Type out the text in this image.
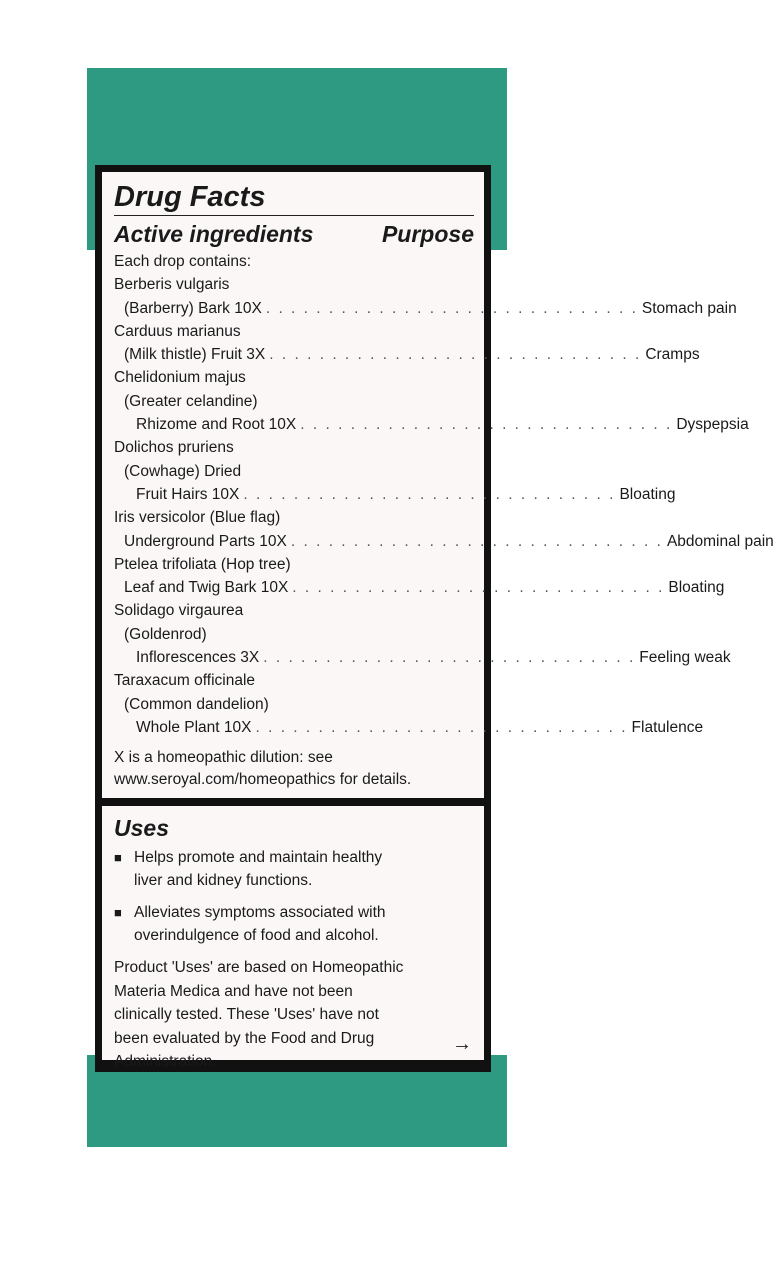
Drug Facts
Active ingredients	Purpose
Each drop contains:
Berberis vulgaris
(Barberry) Bark 10X . . . . . . . . . . . . . . . . . . . . . . . . . . . . . . Stomach pain
Carduus marianus
(Milk thistle) Fruit 3X . . . . . . . . . . . . . . . . . . . . . . . . . . . . . . Cramps
Chelidonium majus
(Greater celandine)
Rhizome and Root 10X . . . . . . . . . . . . . . . . . . . . . . . . . . . . . . Dyspepsia
Dolichos pruriens
(Cowhage) Dried
Fruit Hairs 10X . . . . . . . . . . . . . . . . . . . . . . . . . . . . . . Bloating
Iris versicolor (Blue flag)
Underground Parts 10X . . . . . . . . . . . . . . . . . . . . . . . . . . . . . . Abdominal pain
Ptelea trifoliata (Hop tree)
Leaf and Twig Bark 10X . . . . . . . . . . . . . . . . . . . . . . . . . . . . . . Bloating
Solidago virgaurea
(Goldenrod)
Inflorescences 3X . . . . . . . . . . . . . . . . . . . . . . . . . . . . . . Feeling weak
Taraxacum officinale
(Common dandelion)
Whole Plant 10X . . . . . . . . . . . . . . . . . . . . . . . . . . . . . . Flatulence
X is a homeopathic dilution: see
www.seroyal.com/homeopathics for details.
Uses
■ Helps promote and maintain healthy
liver and kidney functions.
■ Alleviates symptoms associated with
overindulgence of food and alcohol.
Product 'Uses' are based on Homeopathic
Materia Medica and have not been
clinically tested. These 'Uses' have not
been evaluated by the Food and Drug
Administration.
→
